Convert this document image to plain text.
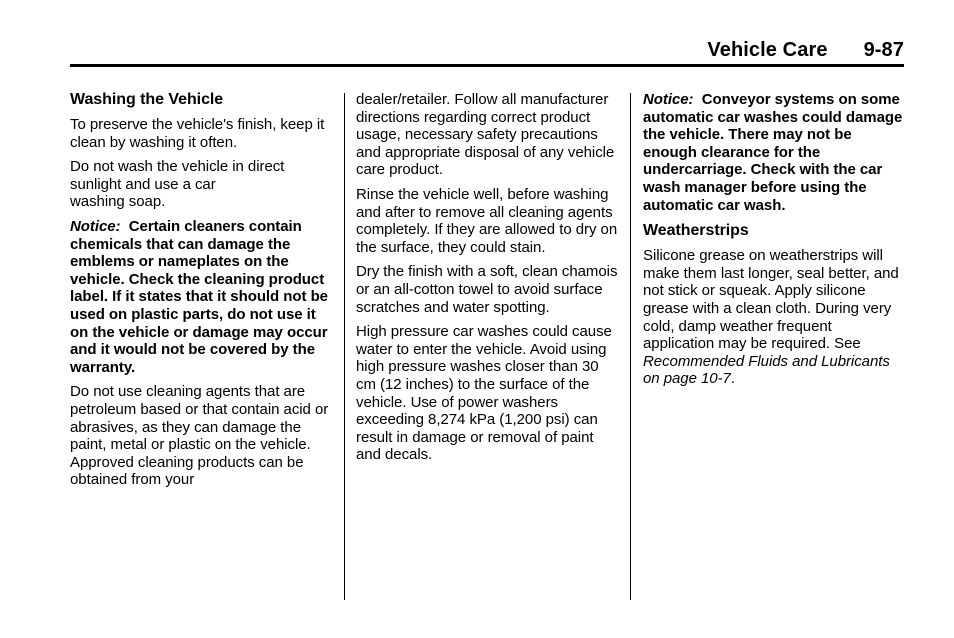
Vehicle Care 9-87
Washing the Vehicle

To preserve the vehicle's finish, keep it clean by washing it often.

Do not wash the vehicle in direct sunlight and use a car
washing soap.

Notice: Certain cleaners contain chemicals that can damage the emblems or nameplates on the vehicle. Check the cleaning product label. If it states that it should not be used on plastic parts, do not use it on the vehicle or damage may occur and it would not be covered by the warranty.

Do not use cleaning agents that are petroleum based or that contain acid or abrasives, as they can damage the paint, metal or plastic on the vehicle. Approved cleaning products can be obtained from your

dealer/retailer. Follow all manufacturer directions regarding correct product usage, necessary safety precautions and appropriate disposal of any vehicle care product.

Rinse the vehicle well, before washing and after to remove all cleaning agents completely. If they are allowed to dry on the surface, they could stain.

Dry the finish with a soft, clean chamois or an all-cotton towel to avoid surface scratches and water spotting.

High pressure car washes could cause water to enter the vehicle. Avoid using high pressure washes closer than 30 cm (12 inches) to the surface of the vehicle. Use of power washers exceeding 8,274 kPa (1,200 psi) can result in damage or removal of paint and decals.

Notice: Conveyor systems on some automatic car washes could damage the vehicle. There may not be enough clearance for the undercarriage. Check with the car wash manager before using the automatic car wash.

Weatherstrips

Silicone grease on weatherstrips will make them last longer, seal better, and not stick or squeak. Apply silicone grease with a clean cloth. During very cold, damp weather frequent application may be required. See Recommended Fluids and Lubricants on page 10-7.
